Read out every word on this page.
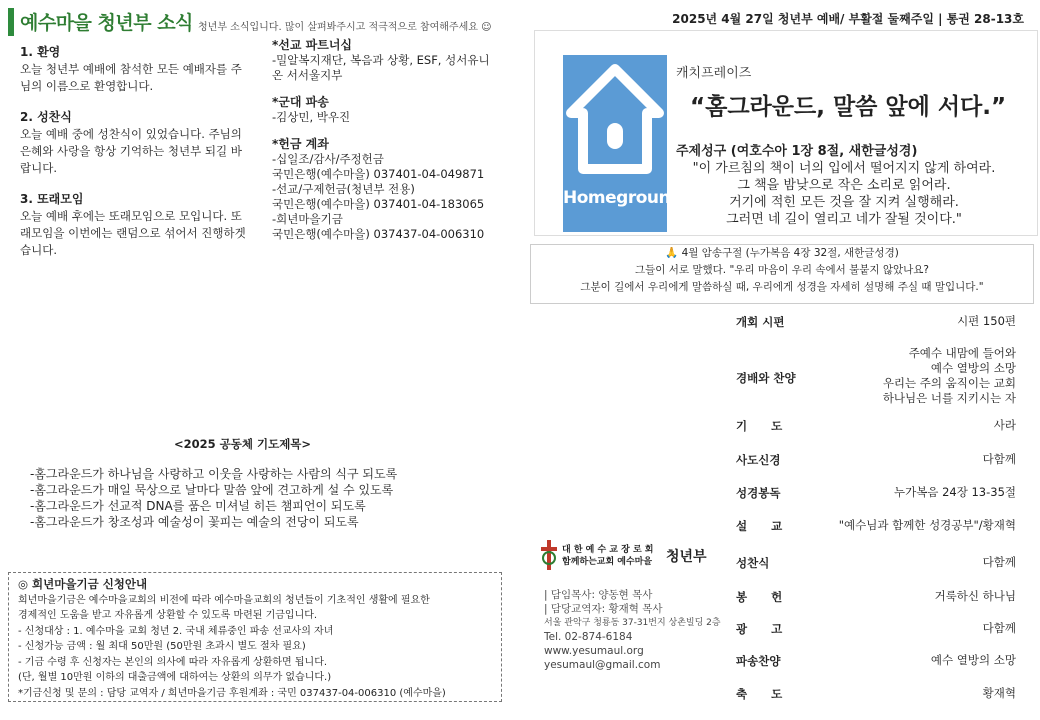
예수마을 청년부 소식 청년부 소식입니다. 많이 살펴봐주시고 적극적으로 참여해주세요 ☺
2025년 4월 27일 청년부 예배/ 부활절 둘째주일 | 통권 28-13호
1. 환영

오늘 청년부 예배에 참석한 모든 예배자를 주님의 이름으로 환영합니다.

2. 성찬식

오늘 예배 중에 성찬식이 있었습니다. 주님의 은혜와 사랑을 항상 기억하는 청년부 되길 바랍니다.

3. 또래모임

오늘 예배 후에는 또래모임으로 모입니다. 또래모임을 이번에는 랜덤으로 섞어서 진행하겟습니다.

*선교 파트너십

-밀알복지재단, 복음과 상황, ESF, 성서유니온 서서울지부

*군대 파송

-김상민, 박우진

*헌금 계좌

-십일조/감사/주정헌금
국민은행(예수마을) 037401-04-049871
-선교/구제헌금(청년부 전용)
국민은행(예수마을) 037401-04-183065
-희년마을기금
국민은행(예수마을) 037437-04-006310

Homeground
캐치프레이즈
“홈그라운드, 말씀 앞에 서다.”
주제성구 (여호수아 1장 8절, 새한글성경)
"이 가르침의 책이 너의 입에서 떨어지지 않게 하여라.
그 책을 밤낮으로 작은 소리로 읽어라.
거기에 적힌 모든 것을 잘 지켜 실행해라.
그러면 네 길이 열리고 네가 잘될 것이다."
🙏 4월 암송구절 (누가복음 4장 32절, 새한글성경)
그들이 서로 말했다. "우리 마음이 우리 속에서 불붙지 않았나요?
그분이 길에서 우리에게 말씀하실 때, 우리에게 성경을 자세히 설명해 주실 때 말입니다."
개회 시편	시편 150편
경배와 찬양
주예수 내맘에 들어와
예수 열방의 소망
우리는 주의 움직이는 교회
하나님은 너를 지키시는 자
기      도	사라
사도신경	다함께
성경봉독	누가복음 24장 13-35절
설      교	"예수님과 함께한 성경공부"/황재혁
성찬식	다함께
봉      헌	거룩하신 하나님
광      고	다함께
파송찬양	예수 열방의 소망
축      도	황재혁
<2025 공동체 기도제목>
-홈그라운드가 하나님을 사랑하고 이웃을 사랑하는 사람의 식구 되도록
-홈그라운드가 매일 묵상으로 날마다 말씀 앞에 견고하게 설 수 있도록
-홈그라운드가 선교적 DNA를 품은 미셔널 히든 챔피언이 되도록
-홈그라운드가 창조성과 예술성이 꽃피는 예술의 전당이 되도록
◎ 희년마을기금 신청안내
희년마을기금은 예수마을교회의 비전에 따라 예수마을교회의 청년들이 기초적인 생활에 필요한
경제적인 도움을 받고 자유롭게 상환할 수 있도록 마련된 기금입니다.
- 신청대상 : 1. 예수마을 교회 청년 2. 국내 체류중인 파송 선교사의 자녀
- 신청가능 금액 : 월 최대 50만원 (50만원 초과시 별도 절차 필요)
- 기금 수령 후 신청자는 본인의 의사에 따라 자유롭게 상환하면 됩니다.
(단, 월별 10만원 이하의 대출금액에 대하여는 상환의 의무가 없습니다.)
*기금신청 및 문의 : 담당 교역자 / 희년마을기금 후원계좌 : 국민 037437-04-006310 (예수마을)
대 한 예 수 교 장 로 회
함께하는교회 예수마을 청년부
| 담임목사: 양동현 목사
| 담당교역자: 황재혁 목사
서울 관악구 청룡동 37-31번지 상촌빌딩 2층
Tel. 02-874-6184
www.yesumaul.org
yesumaul@gmail.com
